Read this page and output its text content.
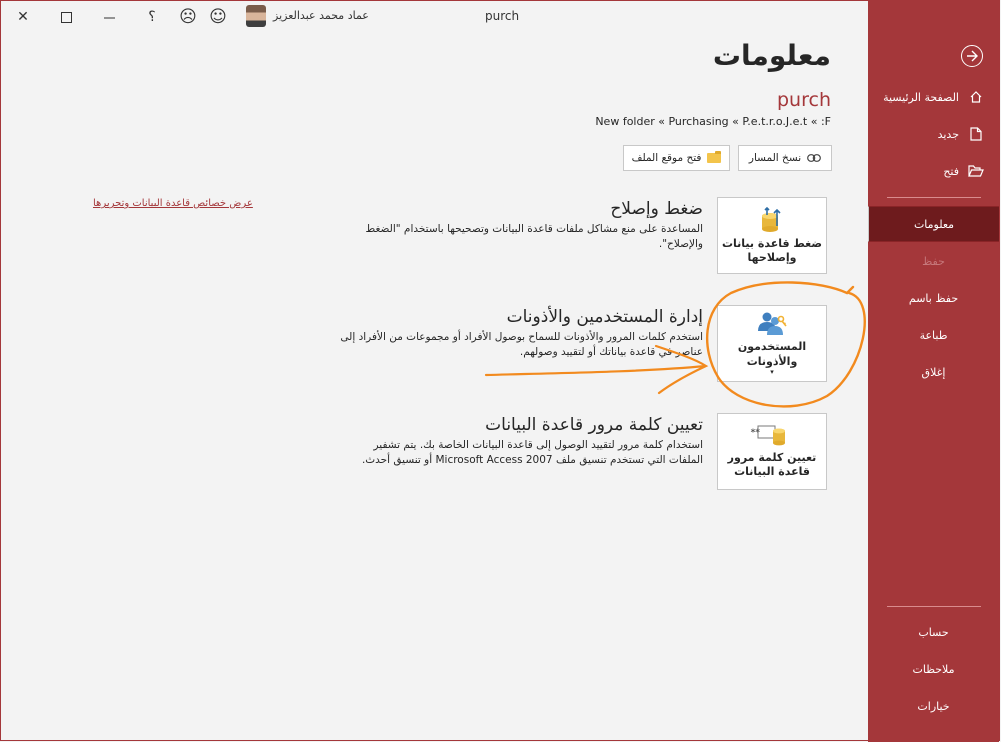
✕	؟ ☹ ☺	عماد محمد عبدالعزيز	purch
الصفحة الرئيسية
جديد
فتح
معلومات
حفظ
حفظ باسم
طباعة
إغلاق
حساب
ملاحظات
خيارات
معلومات
purch
New folder « Purchasing « P.e.t.r.o.J.e.t « :F
نسخ المسار
فتح موقع الملف
عرض خصائص قاعدة البيانات وتحريرها
ضغط قاعدة بيانات وإصلاحها
ضغط وإصلاح
المساعدة على منع مشاكل ملفات قاعدة البيانات وتصحيحها باستخدام "الضغط والإصلاح".
المستخدمون والأذونات
▾
إدارة المستخدمين والأذونات
استخدم كلمات المرور والأذونات للسماح بوصول الأفراد أو مجموعات من الأفراد إلى عناصر في قاعدة بياناتك أو لتقييد وصولهم.
**
تعيين كلمة مرور قاعدة البيانات
تعيين كلمة مرور قاعدة البيانات
استخدام كلمة مرور لتقييد الوصول إلى قاعدة البيانات الخاصة بك. يتم تشفير الملفات التي تستخدم تنسيق ملف Microsoft Access 2007 أو تنسيق أحدث.
